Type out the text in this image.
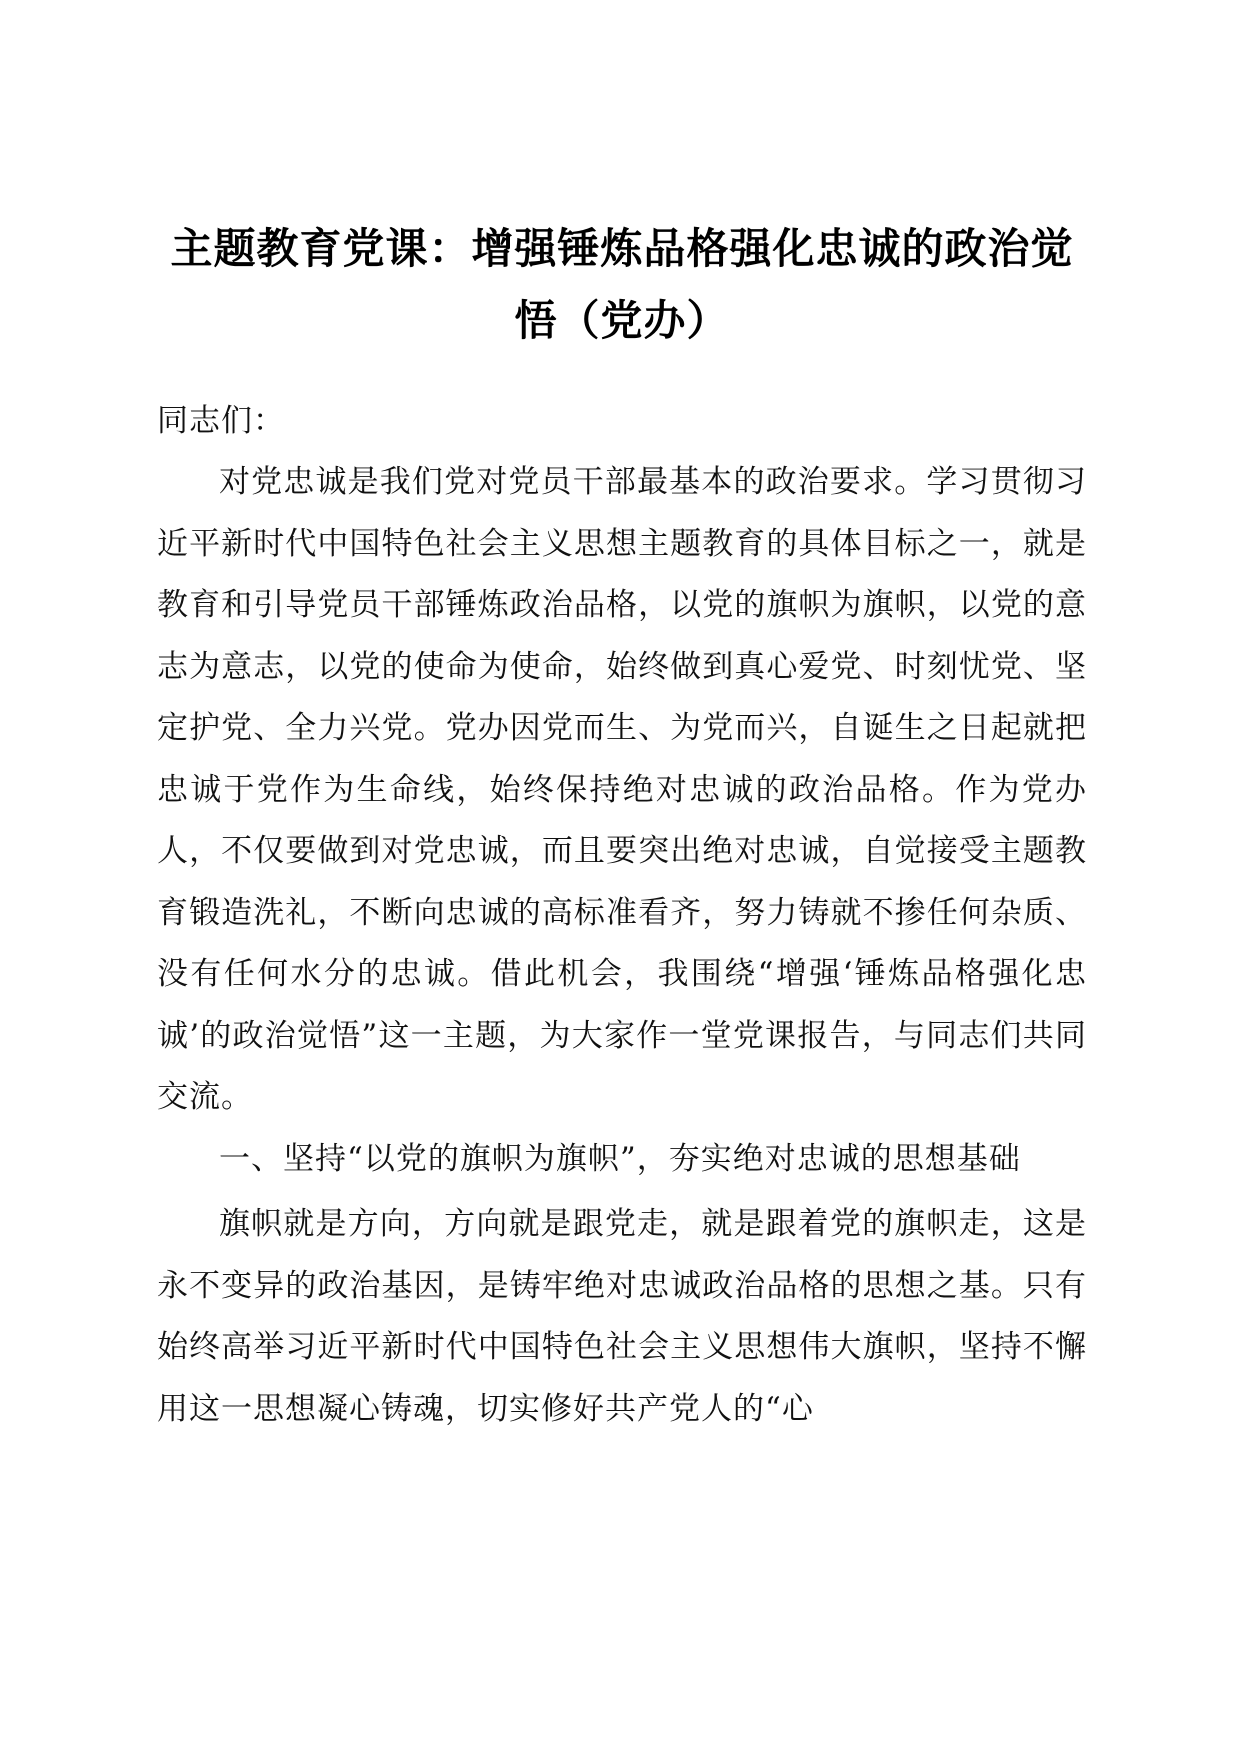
主题教育党课：增强锤炼品格强化忠诚的政治觉悟（党办）

同志们：

对党忠诚是我们党对党员干部最基本的政治要求。学习贯彻习近平新时代中国特色社会主义思想主题教育的具体目标之一，就是教育和引导党员干部锤炼政治品格，以党的旗帜为旗帜，以党的意志为意志，以党的使命为使命，始终做到真心爱党、时刻忧党、坚定护党、全力兴党。党办因党而生、为党而兴，自诞生之日起就把忠诚于党作为生命线，始终保持绝对忠诚的政治品格。作为党办人，不仅要做到对党忠诚，而且要突出绝对忠诚，自觉接受主题教育锻造洗礼，不断向忠诚的高标准看齐，努力铸就不掺任何杂质、没有任何水分的忠诚。借此机会，我围绕“增强‘锤炼品格强化忠诚’的政治觉悟”这一主题，为大家作一堂党课报告，与同志们共同交流。

一、坚持“以党的旗帜为旗帜”，夯实绝对忠诚的思想基础

旗帜就是方向，方向就是跟党走，就是跟着党的旗帜走，这是永不变异的政治基因，是铸牢绝对忠诚政治品格的思想之基。只有始终高举习近平新时代中国特色社会主义思想伟大旗帜，坚持不懈用这一思想凝心铸魂，切实修好共产党人的“心
